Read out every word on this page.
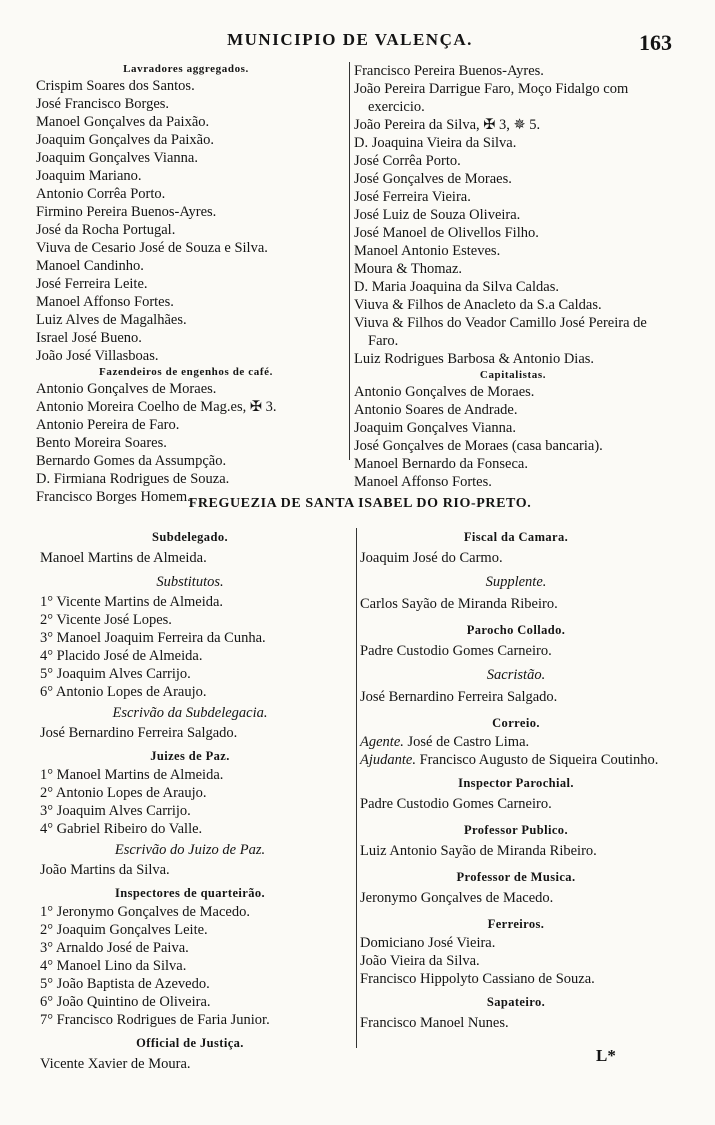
MUNICIPIO DE VALENÇA.	163
Lavradores aggregados.
Crispim Soares dos Santos.
José Francisco Borges.
Manoel Gonçalves da Paixão.
Joaquim Gonçalves da Paixão.
Joaquim Gonçalves Vianna.
Joaquim Mariano.
Antonio Corrêa Porto.
Firmino Pereira Buenos-Ayres.
José da Rocha Portugal.
Viuva de Cesario José de Souza e Silva.
Manoel Candinho.
José Ferreira Leite.
Manoel Affonso Fortes.
Luiz Alves de Magalhães.
Israel José Bueno.
João José Villasboas.
Fazendeiros de engenhos de café.
Antonio Gonçalves de Moraes.
Antonio Moreira Coelho de Mag.es, ✠ 3.
Antonio Pereira de Faro.
Bento Moreira Soares.
Bernardo Gomes da Assumpção.
D. Firmiana Rodrigues de Souza.
Francisco Borges Homem.
Francisco Pereira Buenos-Ayres.
João Pereira Darrigue Faro, Moço Fidalgo com exercicio.
João Pereira da Silva, ✠ 3, ✵ 5.
D. Joaquina Vieira da Silva.
José Corrêa Porto.
José Gonçalves de Moraes.
José Ferreira Vieira.
José Luiz de Souza Oliveira.
José Manoel de Olivellos Filho.
Manoel Antonio Esteves.
Moura & Thomaz.
D. Maria Joaquina da Silva Caldas.
Viuva & Filhos de Anacleto da S.a Caldas.
Viuva & Filhos do Veador Camillo José Pereira de Faro.
Luiz Rodrigues Barbosa & Antonio Dias.
Capitalistas.
Antonio Gonçalves de Moraes.
Antonio Soares de Andrade.
Joaquim Gonçalves Vianna.
José Gonçalves de Moraes (casa bancaria).
Manoel Bernardo da Fonseca.
Manoel Affonso Fortes.
FREGUEZIA DE SANTA ISABEL DO RIO-PRETO.
Subdelegado.
Manoel Martins de Almeida.
Substitutos.
1° Vicente Martins de Almeida.
2° Vicente José Lopes.
3° Manoel Joaquim Ferreira da Cunha.
4° Placido José de Almeida.
5° Joaquim Alves Carrijo.
6° Antonio Lopes de Araujo.
Escrivão da Subdelegacia.
José Bernardino Ferreira Salgado.
Juizes de Paz.
1° Manoel Martins de Almeida.
2° Antonio Lopes de Araujo.
3° Joaquim Alves Carrijo.
4° Gabriel Ribeiro do Valle.
Escrivão do Juizo de Paz.
João Martins da Silva.
Inspectores de quarteirão.
1° Jeronymo Gonçalves de Macedo.
2° Joaquim Gonçalves Leite.
3° Arnaldo José de Paiva.
4° Manoel Lino da Silva.
5° João Baptista de Azevedo.
6° João Quintino de Oliveira.
7° Francisco Rodrigues de Faria Junior.
Official de Justiça.
Vicente Xavier de Moura.
Fiscal da Camara.
Joaquim José do Carmo.
Supplente.
Carlos Sayão de Miranda Ribeiro.
Parocho Collado.
Padre Custodio Gomes Carneiro.
Sacristão.
José Bernardino Ferreira Salgado.
Correio.
Agente. José de Castro Lima.
Ajudante. Francisco Augusto de Siqueira Coutinho.
Inspector Parochial.
Padre Custodio Gomes Carneiro.
Professor Publico.
Luiz Antonio Sayão de Miranda Ribeiro.
Professor de Musica.
Jeronymo Gonçalves de Macedo.
Ferreiros.
Domiciano José Vieira.
João Vieira da Silva.
Francisco Hippolyto Cassiano de Souza.
Sapateiro.
Francisco Manoel Nunes.
L*
